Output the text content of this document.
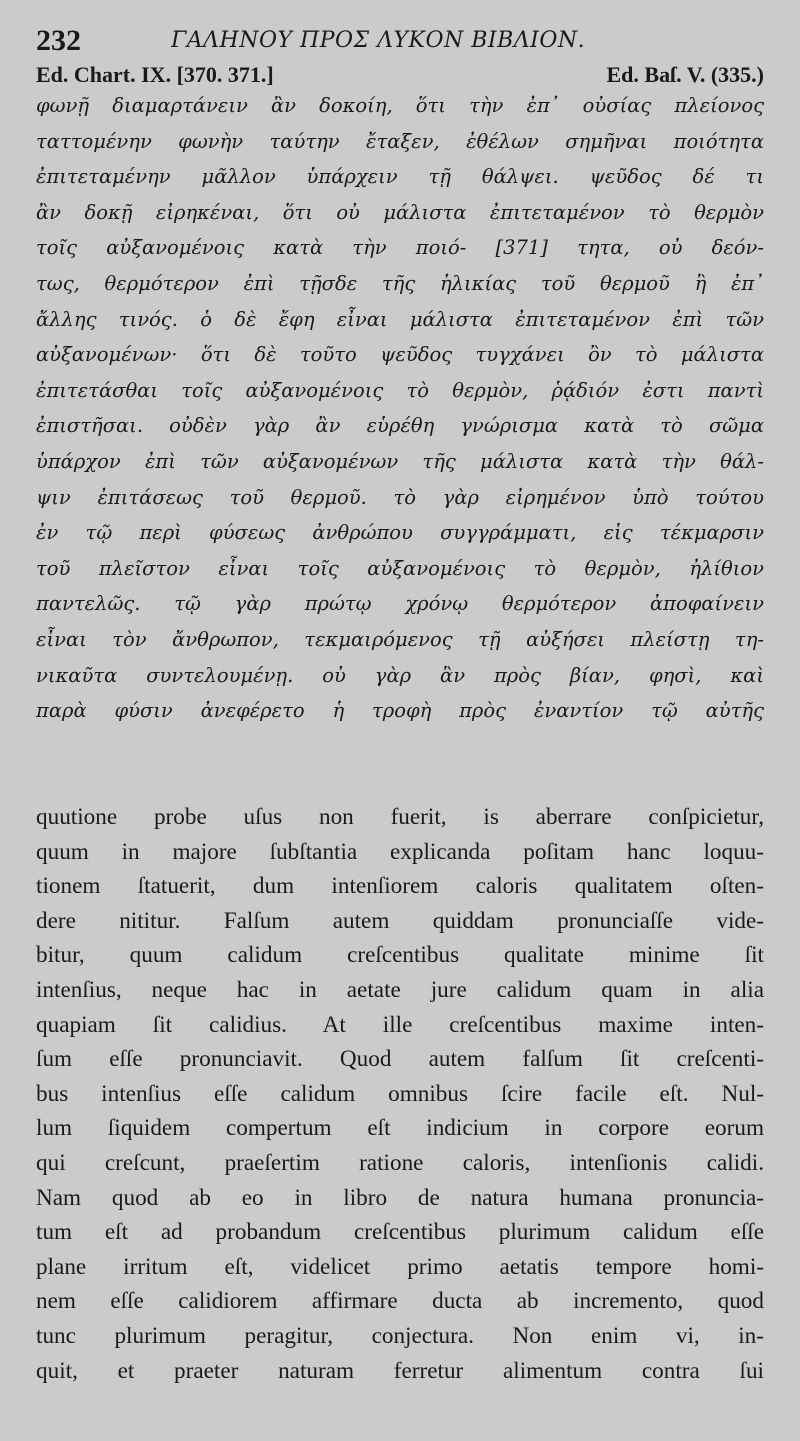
232	ΓΑΛΗΝΟΥ ΠΡΟΣ ΛΥΚΟΝ ΒΙΒΛΙΟΝ.
Ed. Chart. IX. [370. 371.]	Ed. Baſ. V. (335.)
φωνῇ διαμαρτάνειν ἂν δοκοίη, ὅτι τὴν ἐπ᾽ οὐσίας πλείονος
ταττομένην φωνὴν ταύτην ἔταξεν, ἐθέλων σημῆναι ποιότητα
ἐπιτεταμένην μᾶλλον ὑπάρχειν τῇ θάλψει. ψεῦδος δέ τι
ἂν δοκῇ εἰρηκέναι, ὅτι οὐ μάλιστα ἐπιτεταμένον τὸ θερμὸν
τοῖς αὐξανομένοις κατὰ τὴν ποιό- [371] τητα, οὐ δεόν-
τως, θερμότερον ἐπὶ τῇσδε τῆς ἡλικίας τοῦ θερμοῦ ἢ ἐπ᾽
ἄλλης τινός. ὁ δὲ ἔφη εἶναι μάλιστα ἐπιτεταμένον ἐπὶ τῶν
αὐξανομένων· ὅτι δὲ τοῦτο ψεῦδος τυγχάνει ὂν τὸ μάλιστα
ἐπιτετάσθαι τοῖς αὐξανομένοις τὸ θερμὸν, ῥᾴδιόν ἐστι παντὶ
ἐπιστῆσαι. οὐδὲν γὰρ ἂν εὑρέθη γνώρισμα κατὰ τὸ σῶμα
ὑπάρχον ἐπὶ τῶν αὐξανομένων τῆς μάλιστα κατὰ τὴν θάλ-
ψιν ἐπιτάσεως τοῦ θερμοῦ. τὸ γὰρ εἰρημένον ὑπὸ τούτου
ἐν τῷ περὶ φύσεως ἀνθρώπου συγγράμματι, εἰς τέκμαρσιν
τοῦ πλεῖστον εἶναι τοῖς αὐξανομένοις τὸ θερμὸν, ἠλίθιον
παντελῶς. τῷ γὰρ πρώτῳ χρόνῳ θερμότερον ἀποφαίνειν
εἶναι τὸν ἄνθρωπον, τεκμαιρόμενος τῇ αὐξήσει πλείστῃ τη-
νικαῦτα συντελουμένῃ. οὐ γὰρ ἂν πρὸς βίαν, φησὶ, καὶ
παρὰ φύσιν ἀνεφέρετο ἡ τροφὴ πρὸς ἐναντίον τῷ αὐτῆς
quutione probe uſus non fuerit, is aberrare conſpicietur,
quum in majore ſubſtantia explicanda poſitam hanc loquu-
tionem ſtatuerit, dum intenſiorem caloris qualitatem oſten-
dere nititur. Falſum autem quiddam pronunciaſſe vide-
bitur, quum calidum creſcentibus qualitate minime ſit
intenſius, neque hac in aetate jure calidum quam in alia
quapiam ſit calidius. At ille creſcentibus maxime inten-
ſum eſſe pronunciavit. Quod autem falſum ſit creſcenti-
bus intenſius eſſe calidum omnibus ſcire facile eſt. Nul-
lum ſiquidem compertum eſt indicium in corpore eorum
qui creſcunt, praeſertim ratione caloris, intenſionis calidi.
Nam quod ab eo in libro de natura humana pronuncia-
tum eſt ad probandum creſcentibus plurimum calidum eſſe
plane irritum eſt, videlicet primo aetatis tempore homi-
nem eſſe calidiorem affirmare ducta ab incremento, quod
tunc plurimum peragitur, conjectura. Non enim vi, in-
quit, et praeter naturam ferretur alimentum contra ſui
